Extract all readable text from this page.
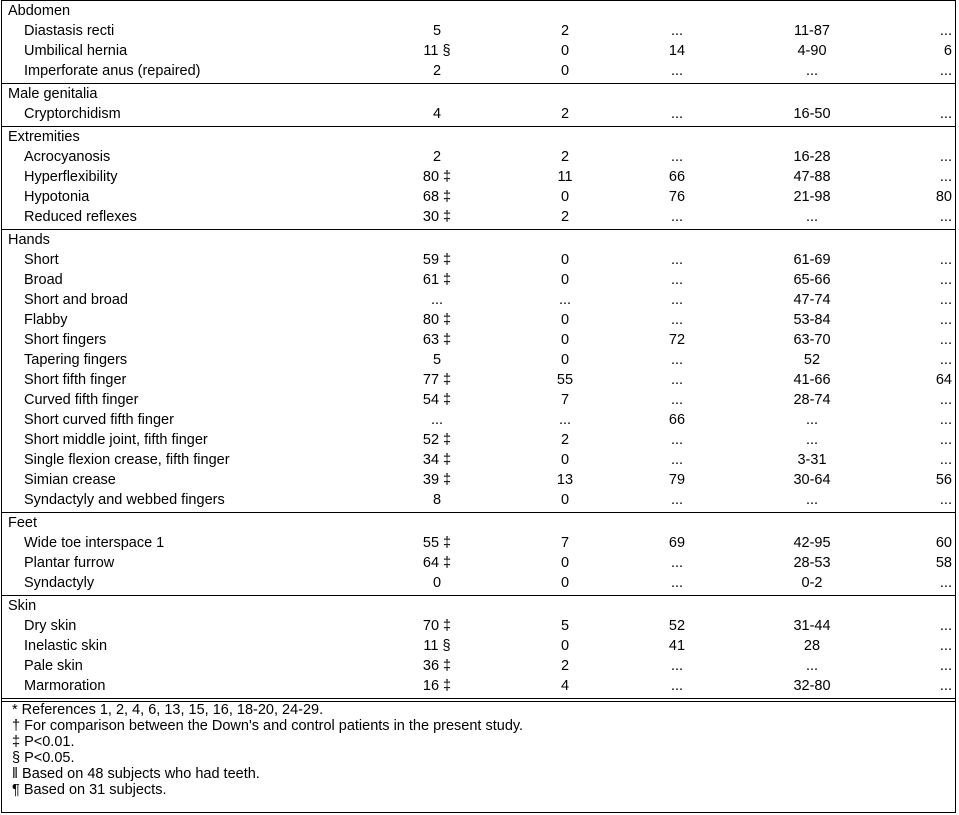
Abdomen
Diastasis recti	5	2	...	11-87	...
Umbilical hernia	11 §	0	14	4-90	6
Imperforate anus (repaired)	2	0	...	...	...
Male genitalia
Cryptorchidism	4	2	...	16-50	...
Extremities
Acrocyanosis	2	2	...	16-28	...
Hyperflexibility	80 ‡	11	66	47-88	...
Hypotonia	68 ‡	0	76	21-98	80
Reduced reflexes	30 ‡	2	...	...	...
Hands
Short	59 ‡	0	...	61-69	...
Broad	61 ‡	0	...	65-66	...
Short and broad	...	...	...	47-74	...
Flabby	80 ‡	0	...	53-84	...
Short fingers	63 ‡	0	72	63-70	...
Tapering fingers	5	0	...	52	...
Short fifth finger	77 ‡	55	...	41-66	64
Curved fifth finger	54 ‡	7	...	28-74	...
Short curved fifth finger	...	...	66	...	...
Short middle joint, fifth finger	52 ‡	2	...	...	...
Single flexion crease, fifth finger	34 ‡	0	...	3-31	...
Simian crease	39 ‡	13	79	30-64	56
Syndactyly and webbed fingers	8	0	...	...	...
Feet
Wide toe interspace 1	55 ‡	7	69	42-95	60
Plantar furrow	64 ‡	0	...	28-53	58
Syndactyly	0	0	...	0-2	...
Skin
Dry skin	70 ‡	5	52	31-44	...
Inelastic skin	11 §	0	41	28	...
Pale skin	36 ‡	2	...	...	...
Marmoration	16 ‡	4	...	32-80	...
* References 1, 2, 4, 6, 13, 15, 16, 18-20, 24-29.
† For comparison between the Down's and control patients in the present study.
‡ P<0.01.
§ P<0.05.
‖ Based on 48 subjects who had teeth.
¶ Based on 31 subjects.
